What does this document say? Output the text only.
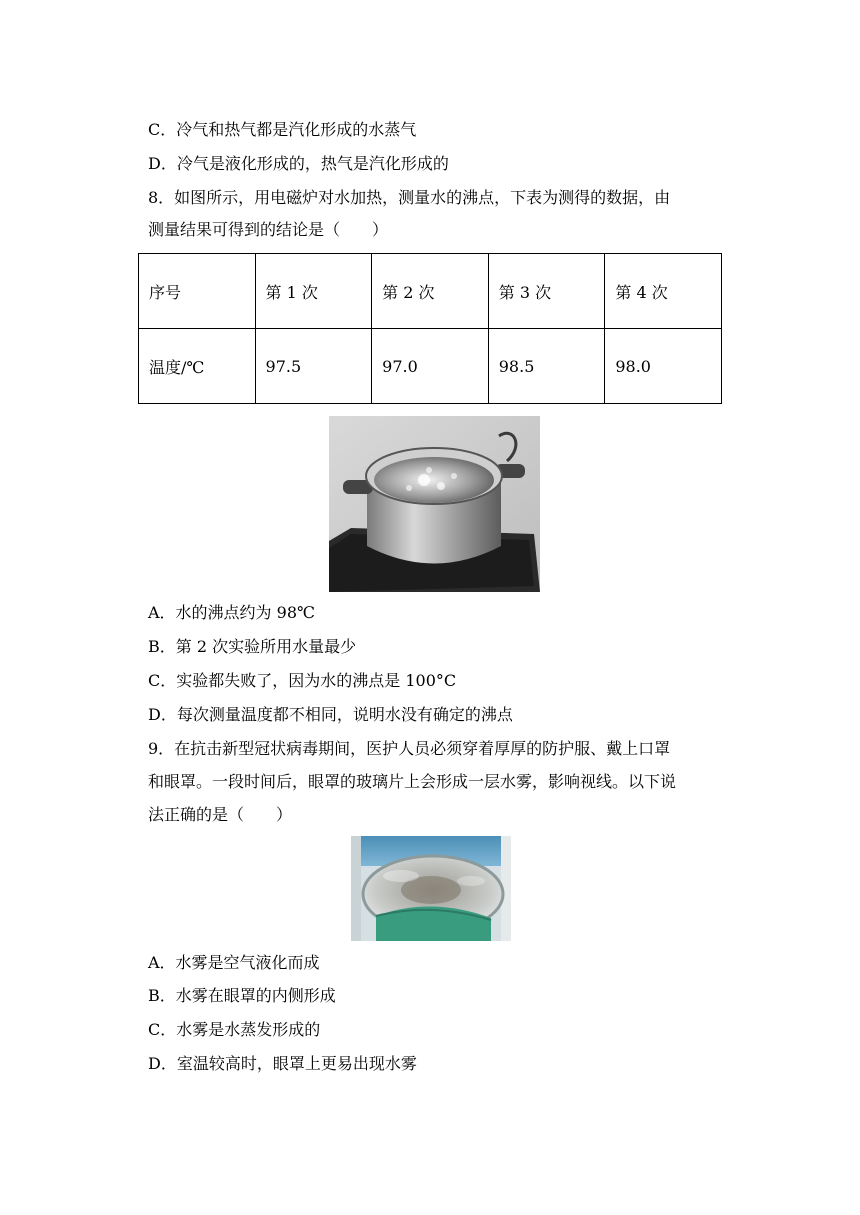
C．冷气和热气都是汽化形成的水蒸气
D．冷气是液化形成的，热气是汽化形成的
8．如图所示，用电磁炉对水加热，测量水的沸点，下表为测得的数据，由
测量结果可得到的结论是（　　）
序号	第 1 次	第 2 次	第 3 次	第 4 次
温度/℃	97.5	97.0	98.5	98.0
A．水的沸点约为 98℃
B．第 2 次实验所用水量最少
C．实验都失败了，因为水的沸点是 100°C
D．每次测量温度都不相同，说明水没有确定的沸点
9．在抗击新型冠状病毒期间，医护人员必须穿着厚厚的防护服、戴上口罩
和眼罩。一段时间后，眼罩的玻璃片上会形成一层水雾，影响视线。以下说
法正确的是（　　）
A．水雾是空气液化而成
B．水雾在眼罩的内侧形成
C．水雾是水蒸发形成的
D．室温较高时，眼罩上更易出现水雾
